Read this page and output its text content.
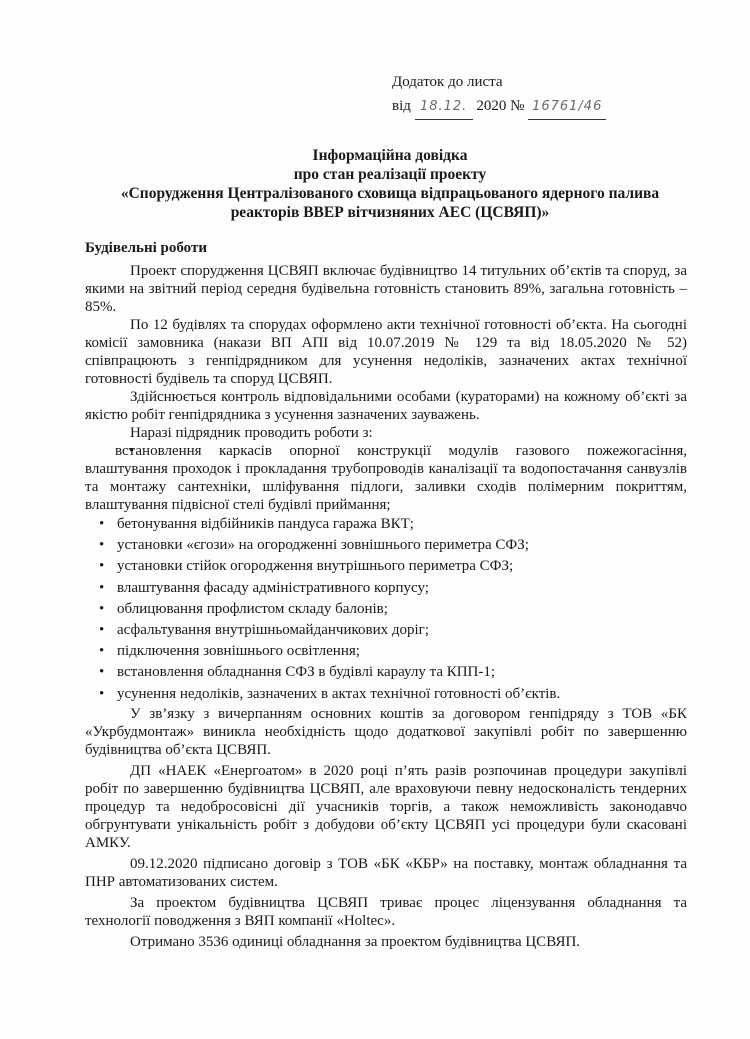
Додаток до листа
від 18.12. 2020 № 16761/46
Інформаційна довідка
про стан реалізації проекту
«Спорудження Централізованого сховища відпрацьованого ядерного палива
реакторів ВВЕР вітчизняних АЕС (ЦСВЯП)»
Будівельні роботи

Проект спорудження ЦСВЯП включає будівництво 14 титульних об’єктів та споруд, за якими на звітний період середня будівельна готовність становить 89%, загальна готовність – 85%.

По 12 будівлях та спорудах оформлено акти технічної готовності об’єкта. На сьогодні комісії замовника (накази ВП АПІ від 10.07.2019 № 129 та від 18.05.2020 № 52) співпрацюють з генпідрядником для усунення недоліків, зазначених актах технічної готовності будівель та споруд ЦСВЯП.

Здійснюється контроль відповідальними особами (кураторами) на кожному об’єкті за якістю робіт генпідрядника з усунення зазначених зауважень.

Наразі підрядник проводить роботи з:

• встановлення каркасів опорної конструкції модулів газового пожежогасіння, влаштування проходок і прокладання трубопроводів каналізації та водопостачання санвузлів та монтажу сантехніки, шліфування підлоги, заливки сходів полімерним покриттям, влаштування підвісної стелі будівлі приймання;
• бетонування відбійників пандуса гаража ВКТ;
• установки «єгози» на огородженні зовнішнього периметра СФЗ;
• установки стійок огородження внутрішнього периметра СФЗ;
• влаштування фасаду адміністративного корпусу;
• облицювання профлистом складу балонів;
• асфальтування внутрішньомайданчикових доріг;
• підключення зовнішнього освітлення;
• встановлення обладнання СФЗ в будівлі караулу та КПП-1;
• усунення недоліків, зазначених в актах технічної готовності об’єктів.

У зв’язку з вичерпанням основних коштів за договором генпідряду з ТОВ «БК «Укрбудмонтаж» виникла необхідність щодо додаткової закупівлі робіт по завершенню будівництва об’єкта ЦСВЯП.

ДП «НАЕК «Енергоатом» в 2020 році п’ять разів розпочинав процедури закупівлі робіт по завершенню будівництва ЦСВЯП, але враховуючи певну недосконалість тендерних процедур та недобросовісні дії учасників торгів, а також неможливість законодавчо обгрунтувати унікальність робіт з добудови об’єкту ЦСВЯП усі процедури були скасовані АМКУ.

09.12.2020 підписано договір з ТОВ «БК «КБР» на поставку, монтаж обладнання та ПНР автоматизованих систем.

За проектом будівництва ЦСВЯП триває процес ліцензування обладнання та технології поводження з ВЯП компанії «Holtec».

Отримано 3536 одиниці обладнання за проектом будівництва ЦСВЯП.
